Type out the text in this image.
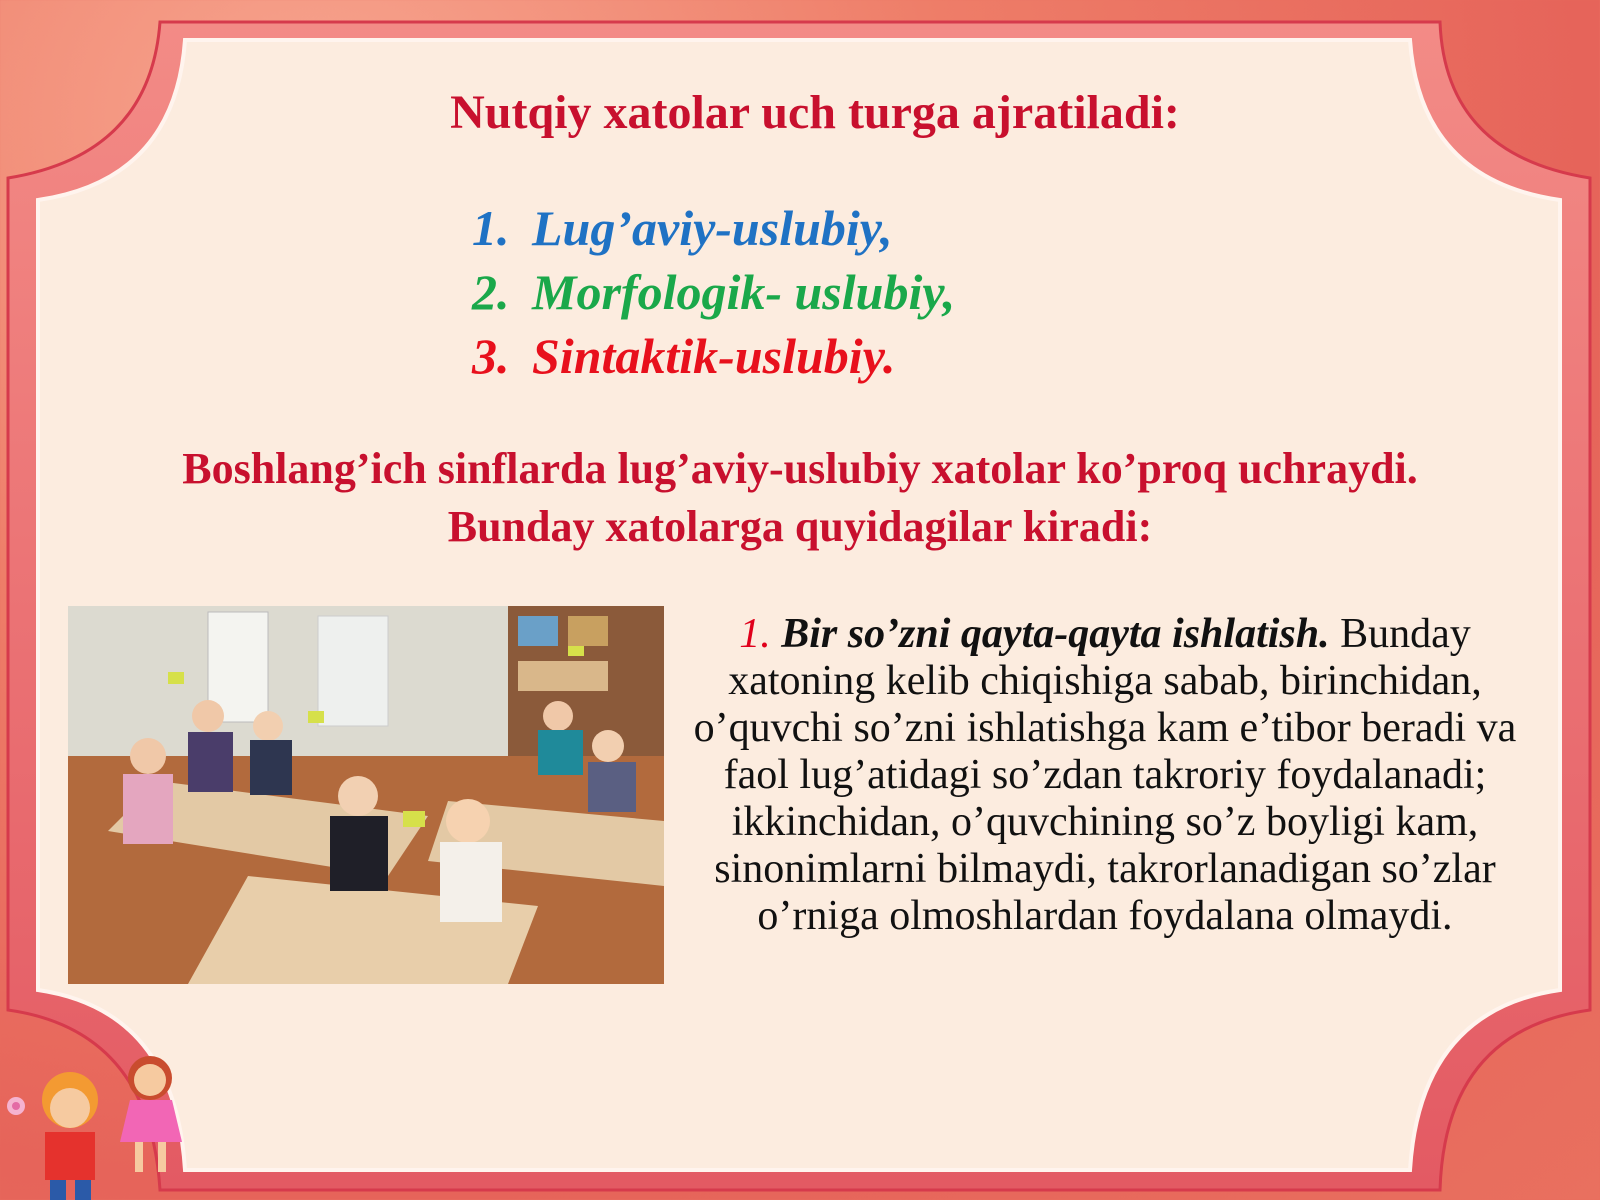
Nutqiy xatolar uch turga ajratiladi:
1. Lug’aviy-uslubiy,
2. Morfologik- uslubiy,
3. Sintaktik-uslubiy.
Boshlang’ich sinflarda lug’aviy-uslubiy xatolar ko’proq uchraydi.
Bunday xatolarga quyidagilar kiradi:
1. Bir so’zni qayta-qayta ishlatish. Bunday xatoning kelib chiqishiga sabab, birinchidan, o’quvchi so’zni ishlatishga kam e’tibor beradi va faol lug’atidagi so’zdan takroriy foydalanadi; ikkinchidan, o’quvchining so’z boyligi kam, sinonimlarni bilmaydi, takrorlanadigan so’zlar o’rniga olmoshlardan foydalana olmaydi.
